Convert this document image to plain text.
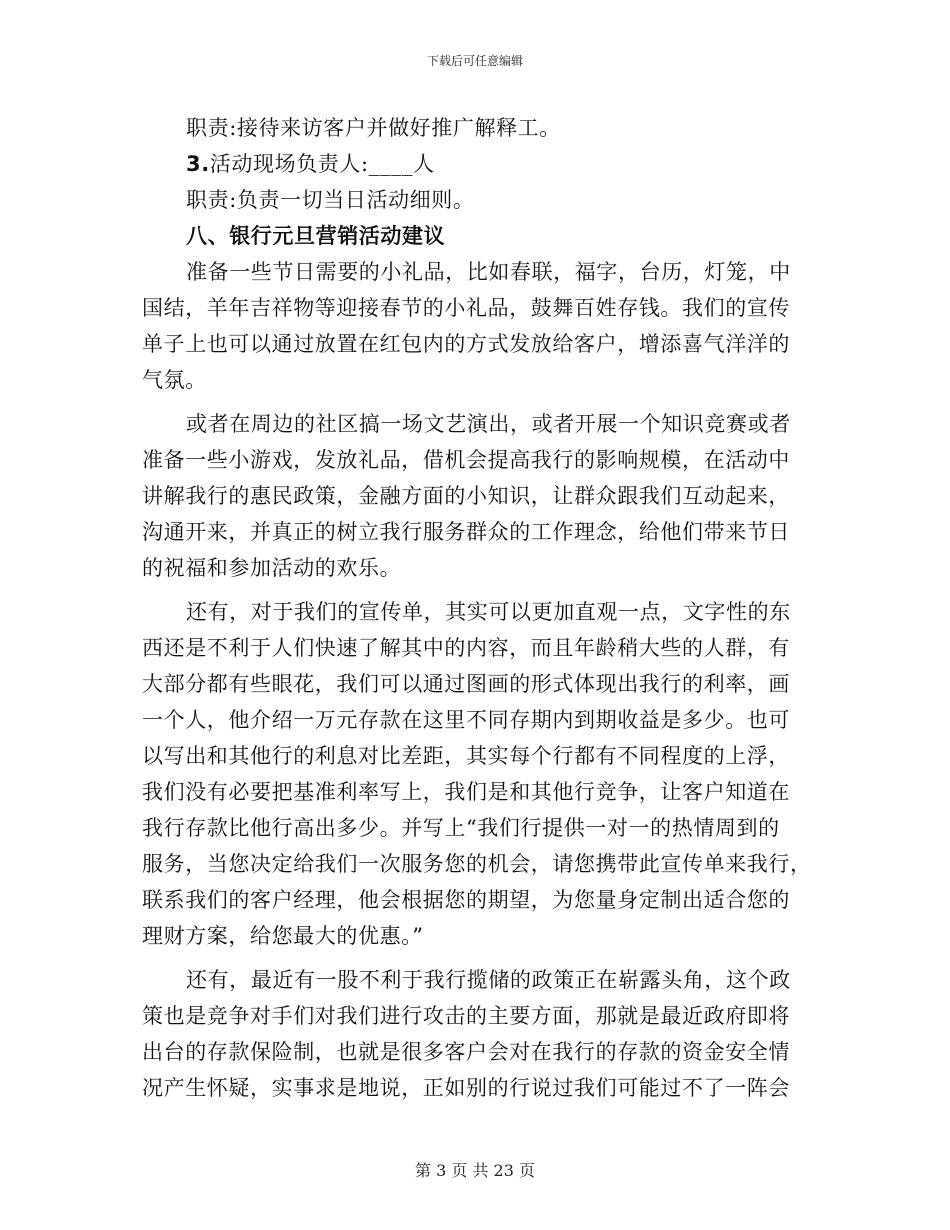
下载后可任意编辑
职责:接待来访客户并做好推广解释工。
3.活动现场负责人:____人
职责:负责一切当日活动细则。
八、银行元旦营销活动建议
准备一些节日需要的小礼品，比如春联，福字，台历，灯笼，中
国结，羊年吉祥物等迎接春节的小礼品，鼓舞百姓存钱。我们的宣传
单子上也可以通过放置在红包内的方式发放给客户，增添喜气洋洋的
气氛。
或者在周边的社区搞一场文艺演出，或者开展一个知识竞赛或者
准备一些小游戏，发放礼品，借机会提高我行的影响规模，在活动中
讲解我行的惠民政策，金融方面的小知识，让群众跟我们互动起来，
沟通开来，并真正的树立我行服务群众的工作理念，给他们带来节日
的祝福和参加活动的欢乐。
还有，对于我们的宣传单，其实可以更加直观一点，文字性的东
西还是不利于人们快速了解其中的内容，而且年龄稍大些的人群，有
大部分都有些眼花，我们可以通过图画的形式体现出我行的利率，画
一个人，他介绍一万元存款在这里不同存期内到期收益是多少。也可
以写出和其他行的利息对比差距，其实每个行都有不同程度的上浮，
我们没有必要把基准利率写上，我们是和其他行竞争，让客户知道在
我行存款比他行高出多少。并写上“我们行提供一对一的热情周到的
服务，当您决定给我们一次服务您的机会，请您携带此宣传单来我行，
联系我们的客户经理，他会根据您的期望，为您量身定制出适合您的
理财方案，给您最大的优惠。”
还有，最近有一股不利于我行揽储的政策正在崭露头角，这个政
策也是竞争对手们对我们进行攻击的主要方面，那就是最近政府即将
出台的存款保险制，也就是很多客户会对在我行的存款的资金安全情
况产生怀疑，实事求是地说，正如别的行说过我们可能过不了一阵会
第 3 页 共 23 页
